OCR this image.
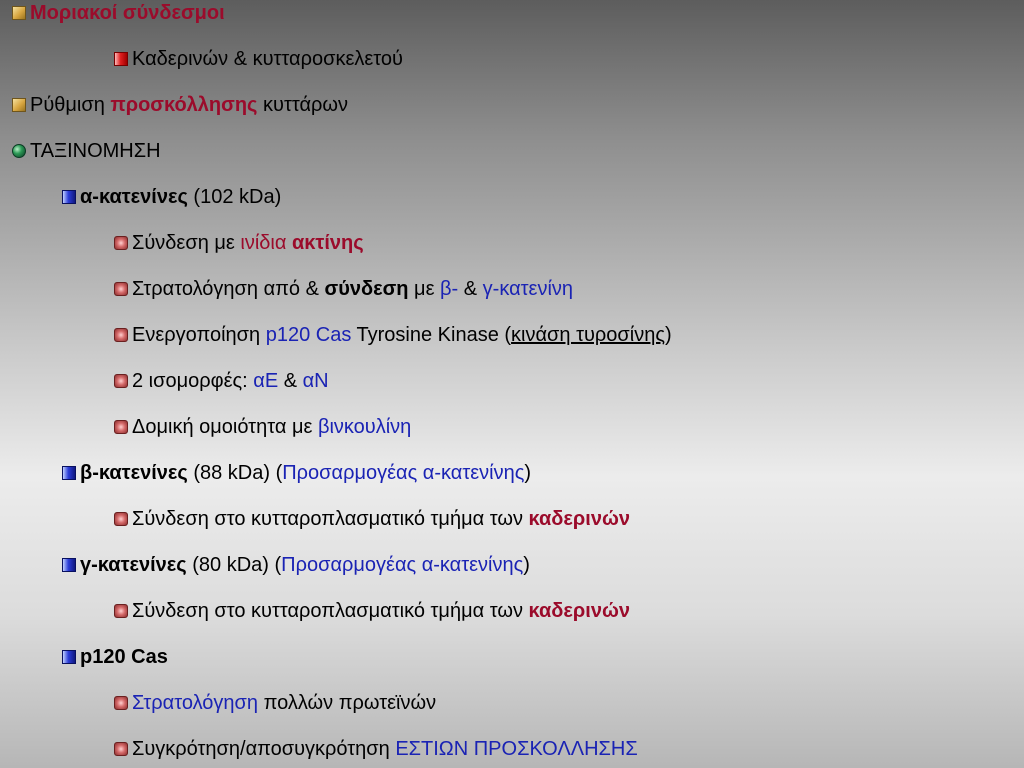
Μοριακοί σύνδεσμοι
Καδερινών & κυτταροσκελετού
Ρύθμιση προσκόλλησης κυττάρων
ΤΑΞΙΝΟΜΗΣΗ
α-κατενίνες (102 kDa)
Σύνδεση με ινίδια ακτίνης
Στρατολόγηση από & σύνδεση με β- & γ-κατενίνη
Ενεργοποίηση p120 Cas Tyrosine Kinase (κινάση τυροσίνης)
2 ισομορφές: αΕ & αΝ
Δομική ομοιότητα με βινκουλίνη
β-κατενίνες (88 kDa) (Προσαρμογέας α-κατενίνης)
Σύνδεση στο κυτταροπλασματικό τμήμα των καδερινών
γ-κατενίνες (80 kDa) (Προσαρμογέας α-κατενίνης)
Σύνδεση στο κυτταροπλασματικό τμήμα των καδερινών
p120 Cas
Στρατολόγηση πολλών πρωτεϊνών
Συγκρότηση/αποσυγκρότηση ΕΣΤΙΩΝ ΠΡΟΣΚΟΛΛΗΣΗΣ
